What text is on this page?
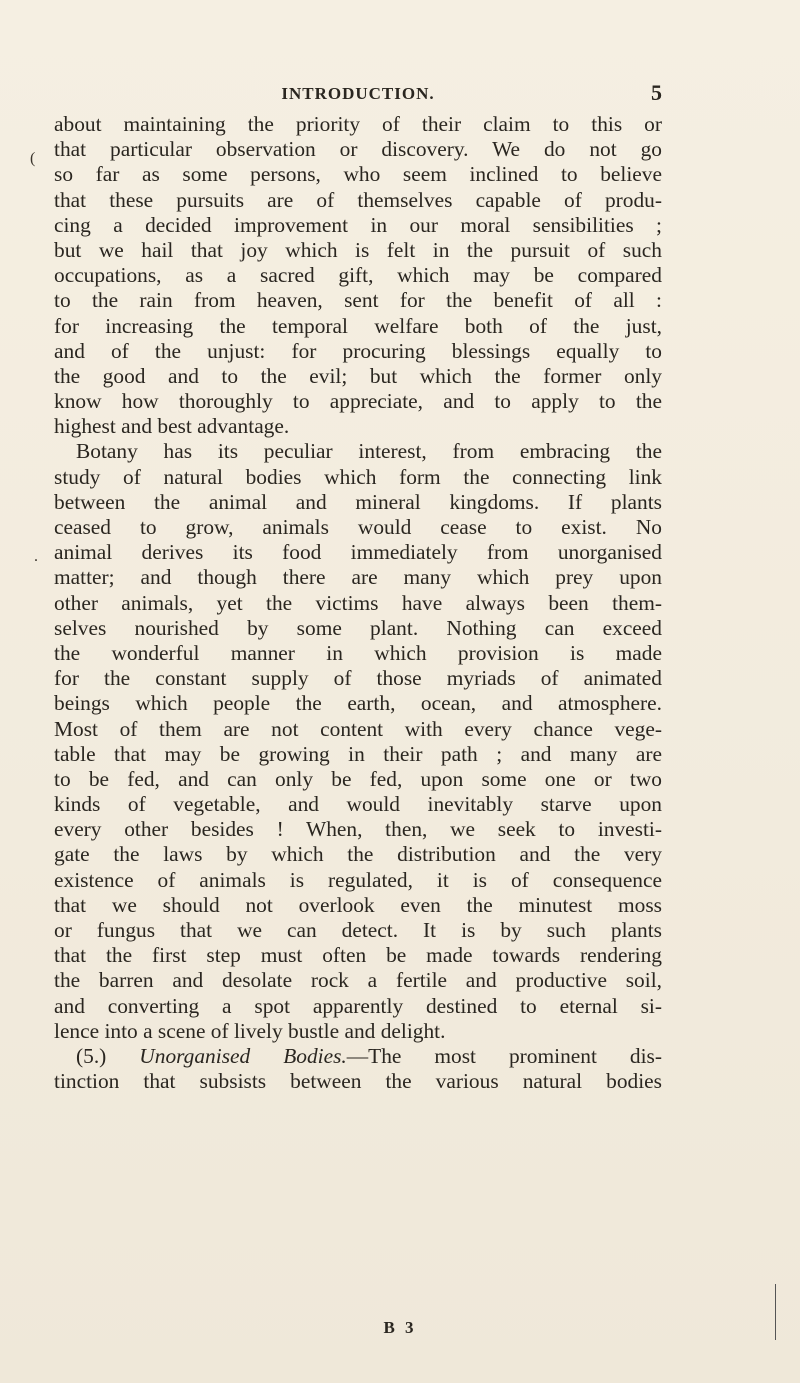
INTRODUCTION.	5
(
.
about maintaining the priority of their claim to this or
that particular observation or discovery. We do not go
so far as some persons, who seem inclined to believe
that these pursuits are of themselves capable of produ-
cing a decided improvement in our moral sensibilities ;
but we hail that joy which is felt in the pursuit of such
occupations, as a sacred gift, which may be compared
to the rain from heaven, sent for the benefit of all :
for increasing the temporal welfare both of the just,
and of the unjust: for procuring blessings equally to
the good and to the evil; but which the former only
know how thoroughly to appreciate, and to apply to the
highest and best advantage.
Botany has its peculiar interest, from embracing the
study of natural bodies which form the connecting link
between the animal and mineral kingdoms. If plants
ceased to grow, animals would cease to exist. No
animal derives its food immediately from unorganised
matter; and though there are many which prey upon
other animals, yet the victims have always been them-
selves nourished by some plant. Nothing can exceed
the wonderful manner in which provision is made
for the constant supply of those myriads of animated
beings which people the earth, ocean, and atmosphere.
Most of them are not content with every chance vege-
table that may be growing in their path ; and many are
to be fed, and can only be fed, upon some one or two
kinds of vegetable, and would inevitably starve upon
every other besides ! When, then, we seek to investi-
gate the laws by which the distribution and the very
existence of animals is regulated, it is of consequence
that we should not overlook even the minutest moss
or fungus that we can detect. It is by such plants
that the first step must often be made towards rendering
the barren and desolate rock a fertile and productive soil,
and converting a spot apparently destined to eternal si-
lence into a scene of lively bustle and delight.
(5.) Unorganised Bodies.—The most prominent dis-
tinction that subsists between the various natural bodies
B 3
